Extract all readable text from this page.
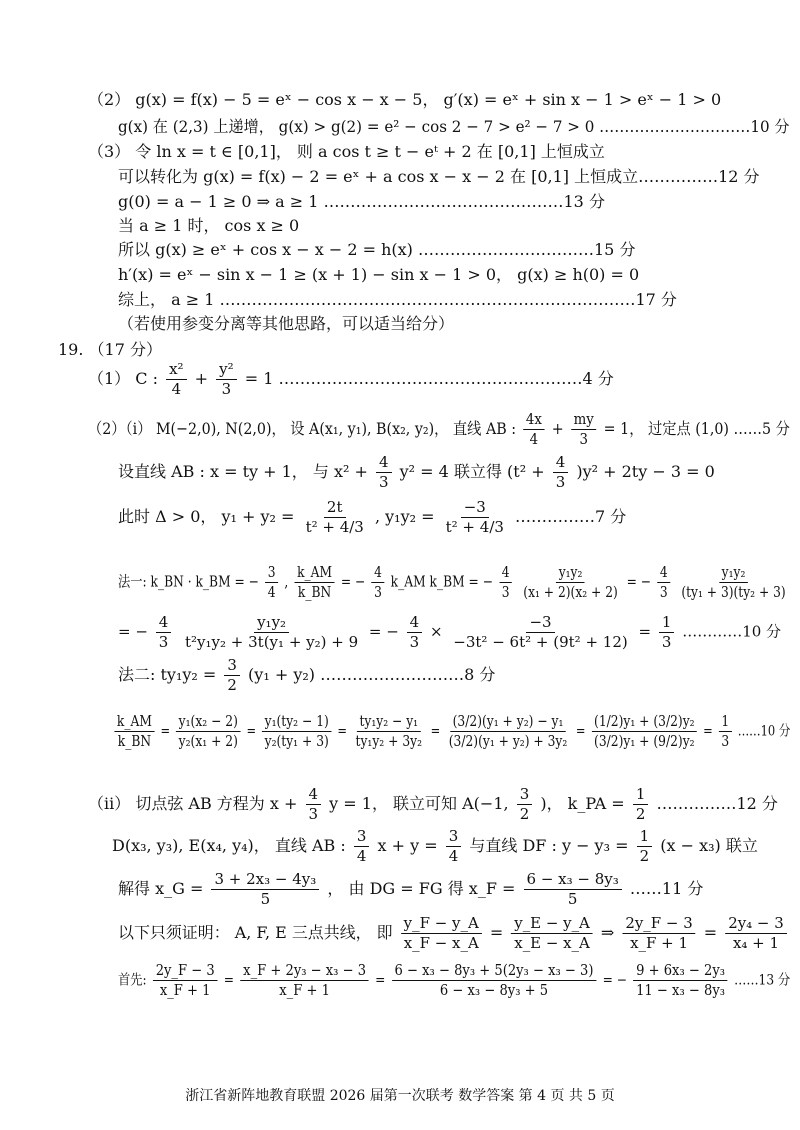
（2） g(x) = f(x) − 5 = eˣ − cos x − x − 5， g′(x) = eˣ + sin x − 1 > eˣ − 1 > 0
g(x) 在 (2,3) 上递增， g(x) > g(2) = e² − cos 2 − 7 > e² − 7 > 0 …………………………10 分
（3） 令 ln x = t ∈ [0,1]， 则 a cos t ≥ t − eᵗ + 2 在 [0,1] 上恒成立
可以转化为 g(x) = f(x) − 2 = eˣ + a cos x − x − 2 在 [0,1] 上恒成立……………12 分
g(0) = a − 1 ≥ 0 ⇒ a ≥ 1 ………………………………………13 分
当 a ≥ 1 时， cos x ≥ 0
所以 g(x) ≥ eˣ + cos x − x − 2 = h(x) ……………………………15 分
h′(x) = eˣ − sin x − 1 ≥ (x + 1) − sin x − 1 > 0， g(x) ≥ h(0) = 0
综上， a ≥ 1 ……………………………………………………………………17 分
（若使用参变分离等其他思路，可以适当给分）
19. （17 分）
（1） C : $\frac{\text{x²}}{4} + \frac{\text{y²}}{3} = 1$ …………………………………………………4 分
（2）（i） M(−2,0), N(2,0)， 设 A(x₁, y₁), B(x₂, y₂)， 直线 AB : $\frac{4x}{4} + \frac{my}{3} = 1$， 过定点 (1,0) ……5 分
设直线 AB : x = ty + 1， 与 $x^2 + \frac{4}{3} y^2 = 4$ 联立得 $(t^2 + \frac{4}{3} )y^2 + 2ty - 3 = 0$
此时 Δ > 0， $y_1 + y_2 = \frac{2t}{\text{t² + 4/3}}$ , $y_1y_2 = \frac{-3}{\text{t² + 4/3}}$ ……………7 分
法一: k_BN · k_BM = − $\frac{3}{4}$ , $\frac{k\_AM}{k\_BN}$ = − $\frac{4}{3}$ k_AM k_BM = − $\frac{4}{3}$
$\frac{\text{y₁y₂}}{\text{(x₁ + 2)(x₂ + 2)}}$ = − $\frac{4}{3}$
$\frac{\text{y₁y₂}}{\text{(ty₁ + 3)(ty₂ + 3)}}$
= − $\frac{4}{3}$
$\frac{\text{y₁y₂}}{\text{t²y₁y₂ + 3t(y₁ + y₂) + 9}}$ = − $\frac{4}{3} \times \frac{-3}{\text{−3t² − 6t² + (9t² + 12)}} = \frac{1}{3}$ …………10 分
法二: $ty_1y_2 = \frac{3}{2} (y_1 + y_2)$ ………………………8 分
$\frac{k\_AM}{k\_BN} = \frac{\text{y₁(x₂ − 2)}}{\text{y₂(x₁ + 2)}} = \frac{\text{y₁(ty₂ − 1)}}{\text{y₂(ty₁ + 3)}} = \frac{\text{ty₁y₂ − y₁}}{\text{ty₁y₂ + 3y₂}} = \frac{\text{(3/2)(y₁ + y₂) − y₁}}{\text{(3/2)(y₁ + y₂) + 3y₂}} = \frac{\text{(1/2)y₁ + (3/2)y₂}}{\text{(3/2)y₁ + (9/2)y₂}} = \frac{1}{3}$ ……10 分
（ii） 切点弦 AB 方程为 $x + \frac{4}{3}$ y = 1， 联立可知 A(−1, $\frac{3}{2}$ )， k_PA = $\frac{1}{2}$ ……………12 分
D(x₃, y₃), E(x₄, y₄)， 直线 AB : $\frac{3}{4}$ $x + y = \frac{3}{4}$ 与直线 DF : $y - y_3 = \frac{1}{2} (x - x_3)$ 联立
解得 x_G = $\frac{\text{3 + 2x₃ − 4y₃}}{5}$ ， 由 DG = FG 得 x_F = $\frac{\text{6 − x₃ − 8y₃}}{5}$ ……11 分
以下只须证明： A, F, E 三点共线， 即 $\frac{y\_F - y\_A}{x\_F - x\_A} = \frac{y\_E - y\_A}{x\_E - x\_A}$ ⇒ $\frac{2y\_F - 3}{x\_F + 1} = \frac{\text{2y₄ − 3}}{\text{x₄ + 1}}$
首先: $\frac{2y\_F - 3}{x\_F + 1} = \frac{\text{x\_F + 2y₃ − x₃ − 3}}{x\_F + 1} = \frac{\text{6 − x₃ − 8y₃ + 5(2y₃ − x₃ − 3)}}{\text{6 − x₃ − 8y₃ + 5}}$ = − $\frac{\text{9 + 6x₃ − 2y₃}}{\text{11 − x₃ − 8y₃}}$ ……13 分
浙江省新阵地教育联盟 2026 届第一次联考 数学答案 第 4 页 共 5 页
